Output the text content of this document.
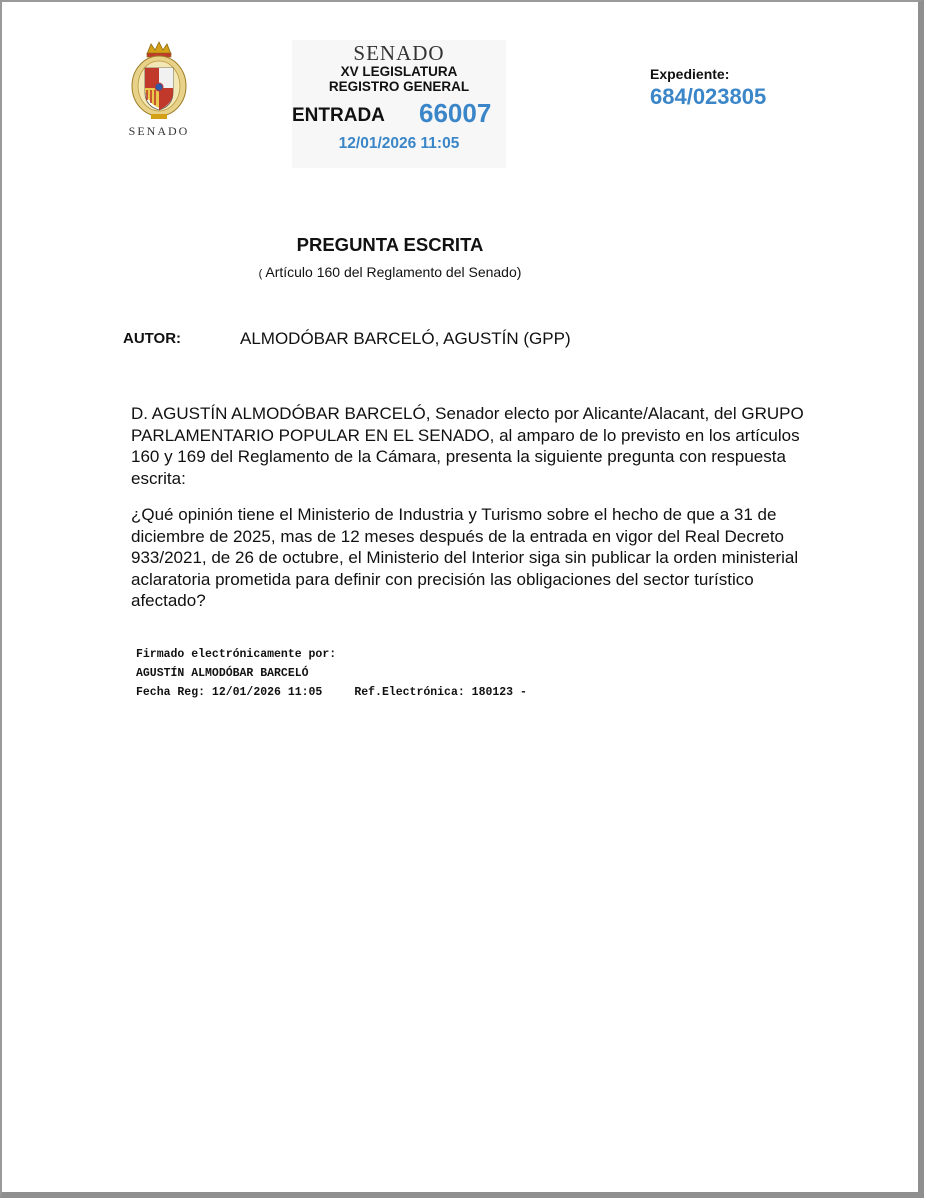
SENADO
SENADO
XV LEGISLATURA
REGISTRO GENERAL
ENTRADA 66007
12/01/2026 11:05
Expediente:
684/023805
PREGUNTA ESCRITA
( Artículo 160 del Reglamento del Senado)
AUTOR:	ALMODÓBAR BARCELÓ, AGUSTÍN (GPP)

D. AGUSTÍN ALMODÓBAR BARCELÓ, Senador electo por Alicante/Alacant, del GRUPO PARLAMENTARIO POPULAR EN EL SENADO, al amparo de lo previsto en los artículos 160 y 169 del Reglamento de la Cámara, presenta la siguiente pregunta con respuesta escrita:

¿Qué opinión tiene el Ministerio de Industria y Turismo sobre el hecho de que a 31 de diciembre de 2025, mas de 12 meses después de la entrada en vigor del Real Decreto 933/2021, de 26 de octubre, el Ministerio del Interior siga sin publicar la orden ministerial aclaratoria prometida para definir con precisión las obligaciones del sector turístico afectado?

Firmado electrónicamente por:
AGUSTÍN ALMODÓBAR BARCELÓ
Fecha Reg: 12/01/2026 11:05	Ref.Electrónica: 180123 -
